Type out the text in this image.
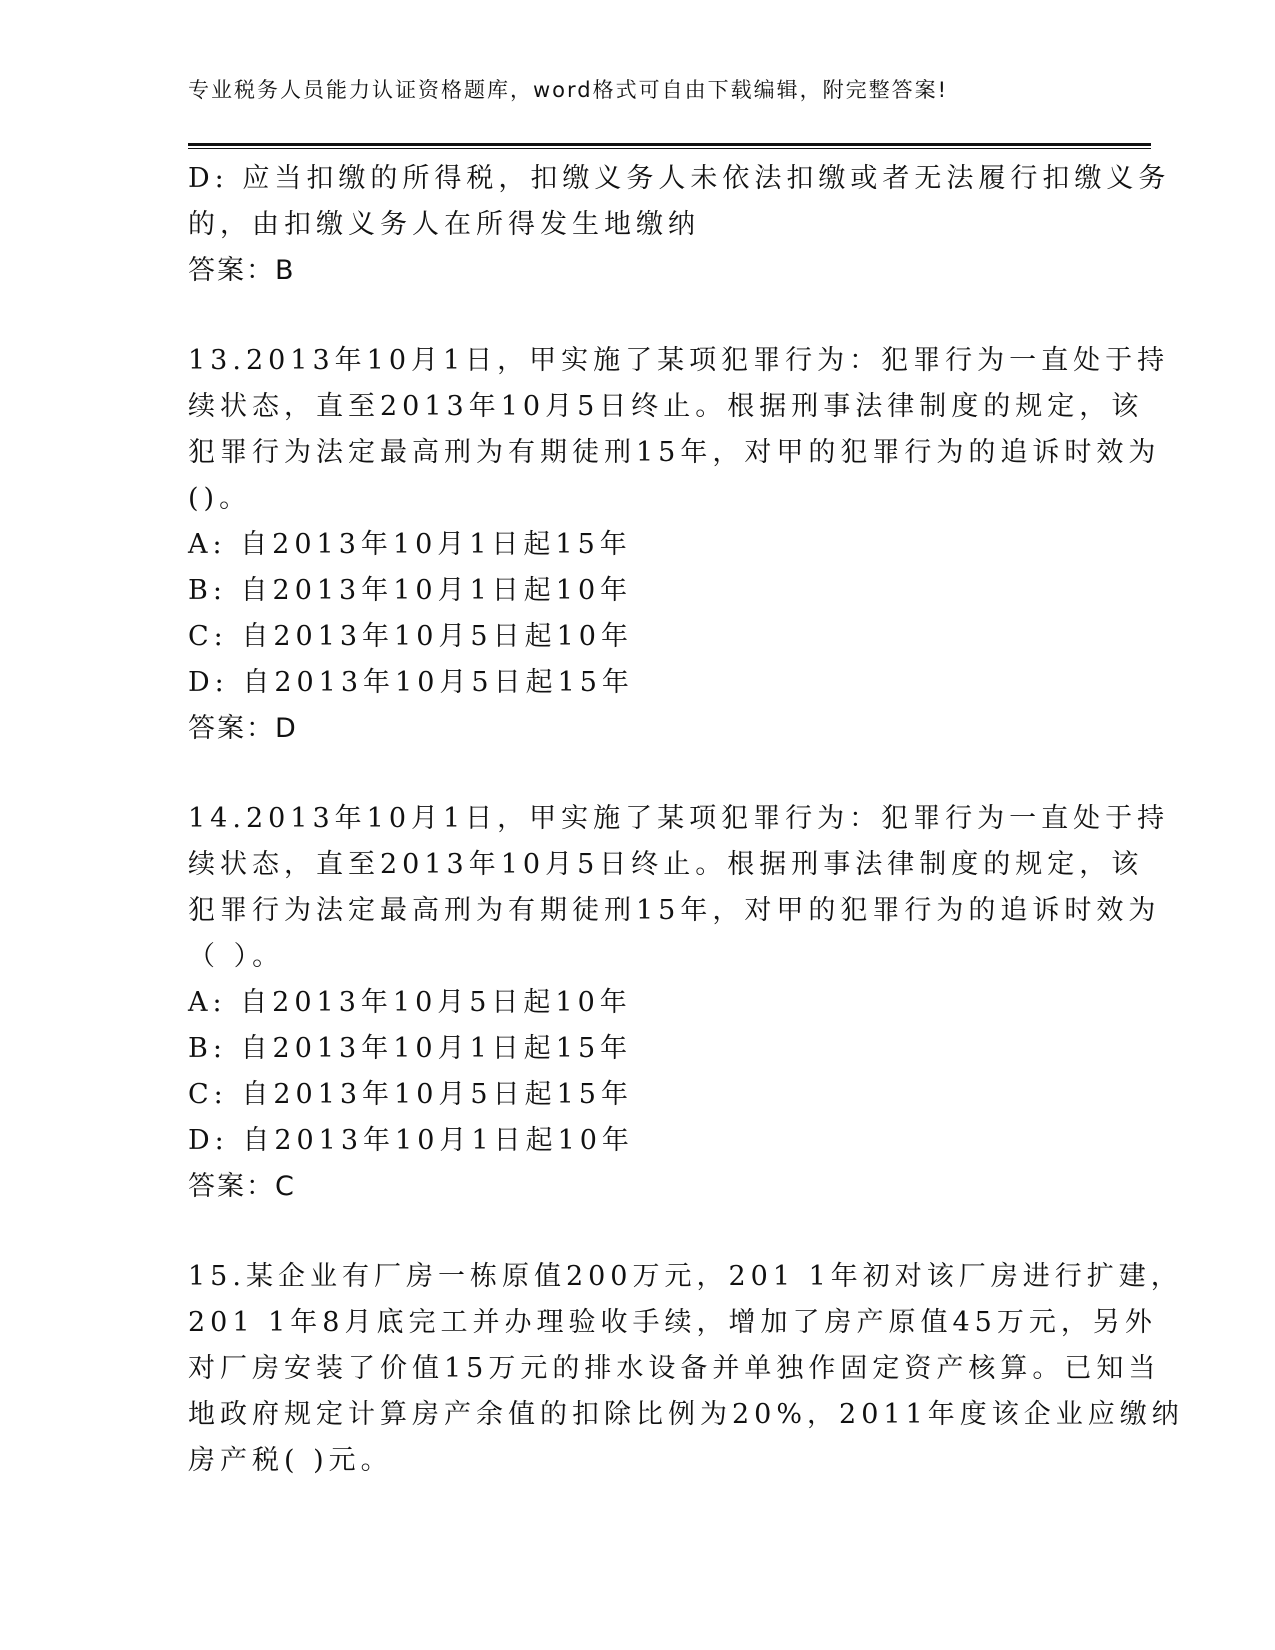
专业税务人员能力认证资格题库，word格式可自由下载编辑，附完整答案!
D: 应当扣缴的所得税，扣缴义务人未依法扣缴或者无法履行扣缴义务
的，由扣缴义务人在所得发生地缴纳
答案：B
13.2013年10月1日，甲实施了某项犯罪行为：犯罪行为一直处于持
续状态，直至2013年10月5日终止。根据刑事法律制度的规定，该
犯罪行为法定最高刑为有期徒刑15年，对甲的犯罪行为的追诉时效为
()。
A: 自2013年10月1日起15年
B: 自2013年10月1日起10年
C: 自2013年10月5日起10年
D: 自2013年10月5日起15年
答案：D
14.2013年10月1日，甲实施了某项犯罪行为：犯罪行为一直处于持
续状态，直至2013年10月5日终止。根据刑事法律制度的规定，该
犯罪行为法定最高刑为有期徒刑15年，对甲的犯罪行为的追诉时效为
（ ）。
A: 自2013年10月5日起10年
B: 自2013年10月1日起15年
C: 自2013年10月5日起15年
D: 自2013年10月1日起10年
答案：C
15.某企业有厂房一栋原值200万元，201 1年初对该厂房进行扩建，
201 1年8月底完工并办理验收手续，增加了房产原值45万元，另外
对厂房安装了价值15万元的排水设备并单独作固定资产核算。已知当
地政府规定计算房产余值的扣除比例为20%，2011年度该企业应缴纳
房产税( )元。
